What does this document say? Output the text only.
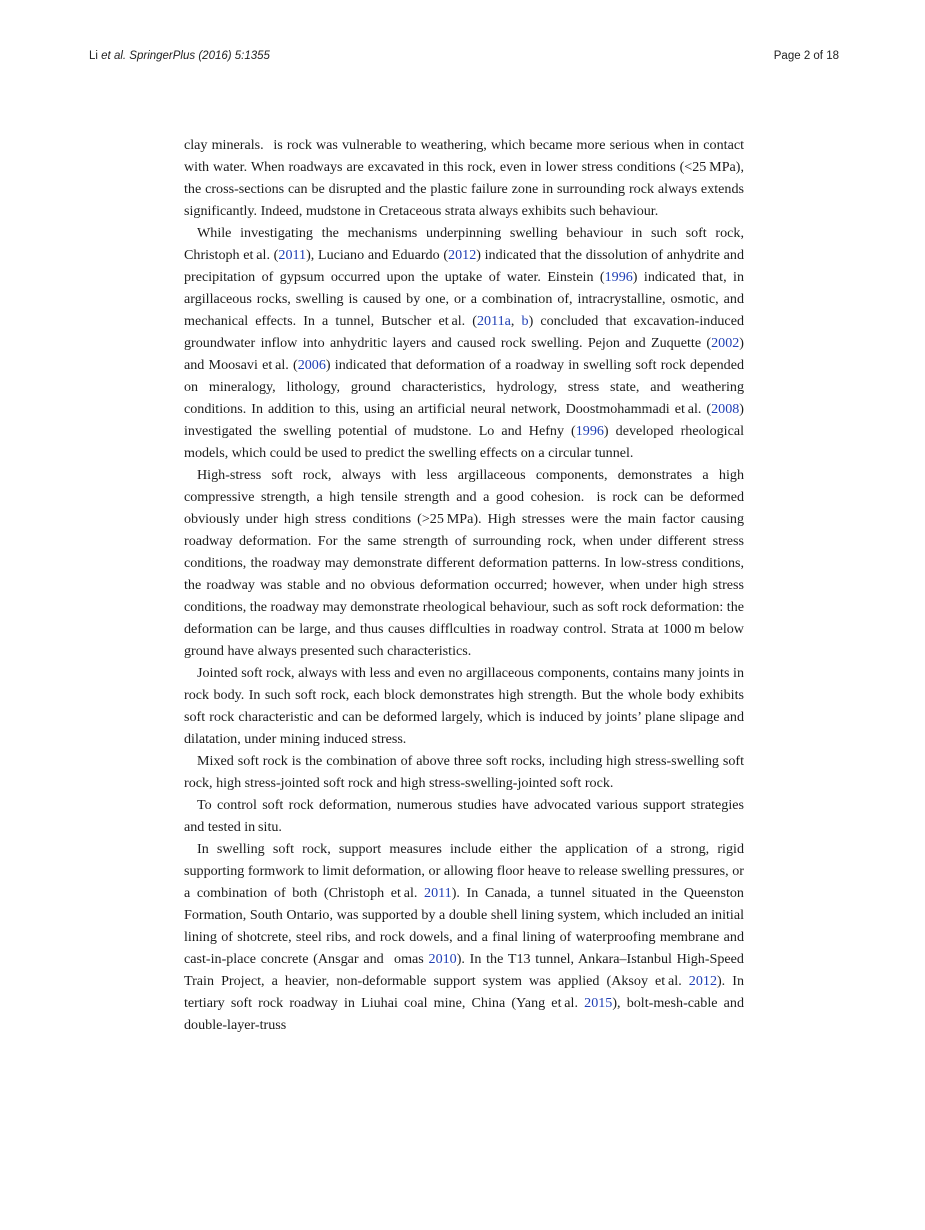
Li et al. SpringerPlus (2016) 5:1355	Page 2 of 18

clay minerals.   is rock was vulnerable to weathering, which became more serious when in contact with water. When roadways are excavated in this rock, even in lower stress conditions (<25 MPa), the cross-sections can be disrupted and the plastic failure zone in surrounding rock always extends significantly. Indeed, mudstone in Cretaceous strata always exhibits such behaviour.

While investigating the mechanisms underpinning swelling behaviour in such soft rock, Christoph et al. (2011), Luciano and Eduardo (2012) indicated that the dissolution of anhydrite and precipitation of gypsum occurred upon the uptake of water. Einstein (1996) indicated that, in argillaceous rocks, swelling is caused by one, or a combination of, intracrystalline, osmotic, and mechanical effects. In a tunnel, Butscher et al. (2011a, b) concluded that excavation-induced groundwater inflow into anhydritic layers and caused rock swelling. Pejon and Zuquette (2002) and Moosavi et al. (2006) indicated that deformation of a roadway in swelling soft rock depended on mineralogy, lithology, ground characteristics, hydrology, stress state, and weathering conditions. In addition to this, using an artificial neural network, Doostmohammadi et al. (2008) investigated the swelling potential of mudstone. Lo and Hefny (1996) developed rheological models, which could be used to predict the swelling effects on a circular tunnel.

High-stress soft rock, always with less argillaceous components, demonstrates a high compressive strength, a high tensile strength and a good cohesion.   is rock can be deformed obviously under high stress conditions (>25 MPa). High stresses were the main factor causing roadway deformation. For the same strength of surrounding rock, when under different stress conditions, the roadway may demonstrate different deformation patterns. In low-stress conditions, the roadway was stable and no obvious deformation occurred; however, when under high stress conditions, the roadway may demonstrate rheological behaviour, such as soft rock deformation: the deformation can be large, and thus causes difflculties in roadway control. Strata at 1000 m below ground have always presented such characteristics.

Jointed soft rock, always with less and even no argillaceous components, contains many joints in rock body. In such soft rock, each block demonstrates high strength. But the whole body exhibits soft rock characteristic and can be deformed largely, which is induced by joints’ plane slipage and dilatation, under mining induced stress.

Mixed soft rock is the combination of above three soft rocks, including high stress-swelling soft rock, high stress-jointed soft rock and high stress-swelling-jointed soft rock.

To control soft rock deformation, numerous studies have advocated various support strategies and tested in situ.

In swelling soft rock, support measures include either the application of a strong, rigid supporting formwork to limit deformation, or allowing floor heave to release swelling pressures, or a combination of both (Christoph et al. 2011). In Canada, a tunnel situated in the Queenston Formation, South Ontario, was supported by a double shell lining system, which included an initial lining of shotcrete, steel ribs, and rock dowels, and a final lining of waterproofing membrane and cast-in-place concrete (Ansgar and   omas 2010). In the T13 tunnel, Ankara–Istanbul High-Speed Train Project, a heavier, non-deformable support system was applied (Aksoy et al. 2012). In tertiary soft rock roadway in Liuhai coal mine, China (Yang et al. 2015), bolt-mesh-cable and double-layer-truss
